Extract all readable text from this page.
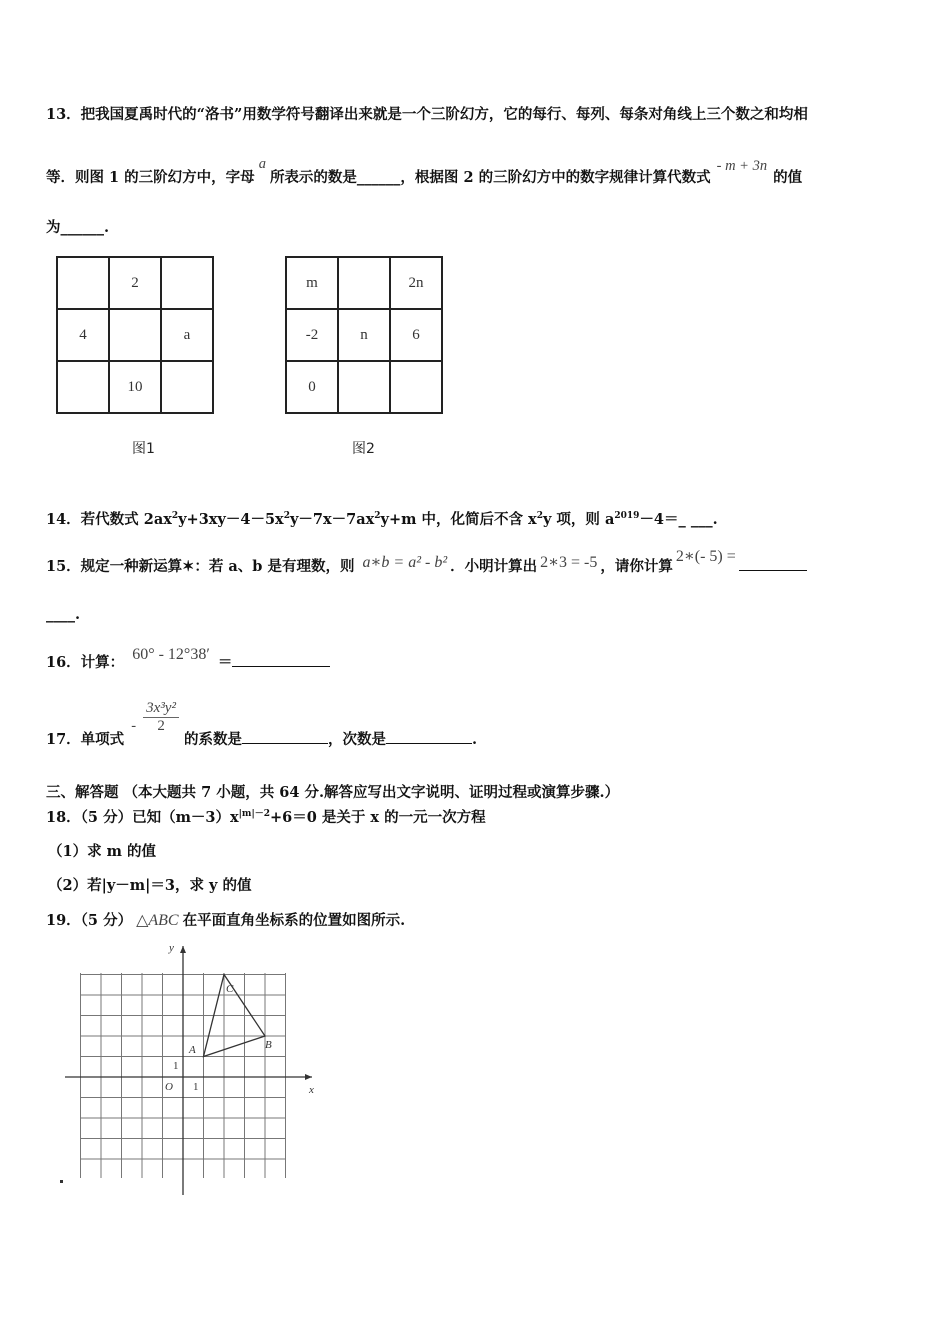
13．把我国夏禹时代的“洛书”用数学符号翻译出来就是一个三阶幻方，它的每行、每列、每条对角线上三个数之和均相
等．则图 1 的三阶幻方中，字母a所表示的数是______，根据图 2 的三阶幻方中的数字规律计算代数式- m + 3n的值
为______.
	2	
4		a
	10	
图1
m		2n
-2	n	6
0		
图2
14．若代数式 $2ax^2y+3xy-4-5x^2y-7x-7ax^2y+m$ 中，化简后不含 $x^2y$ 项，则 $a^{2019}-4=\_$ ___.
15．规定一种新运算✶：若 a、b 是有理数，则 a∗b = a² - b² ．小明计算出 2∗3 = -5 ，请你计算2∗(- 5) =
____.
16．计算： 60° - 12°38′ ＝
17．单项式 - $\frac{\text{3x³y²}}{2}$
的系数是	，次数是	.
三、解答题 （本大题共 7 小题，共 64 分.解答应写出文字说明、证明过程或演算步骤.）
18．（5 分）已知$(m-3)x^{|m|-2}+6=0$ 是关于 x 的一元一次方程
（1）求 m 的值
（2）若|y－m|＝3，求 y 的值
19．（5 分） △ABC 在平面直角坐标系的位置如图所示.
y
x
O 1
1
A	B
C
